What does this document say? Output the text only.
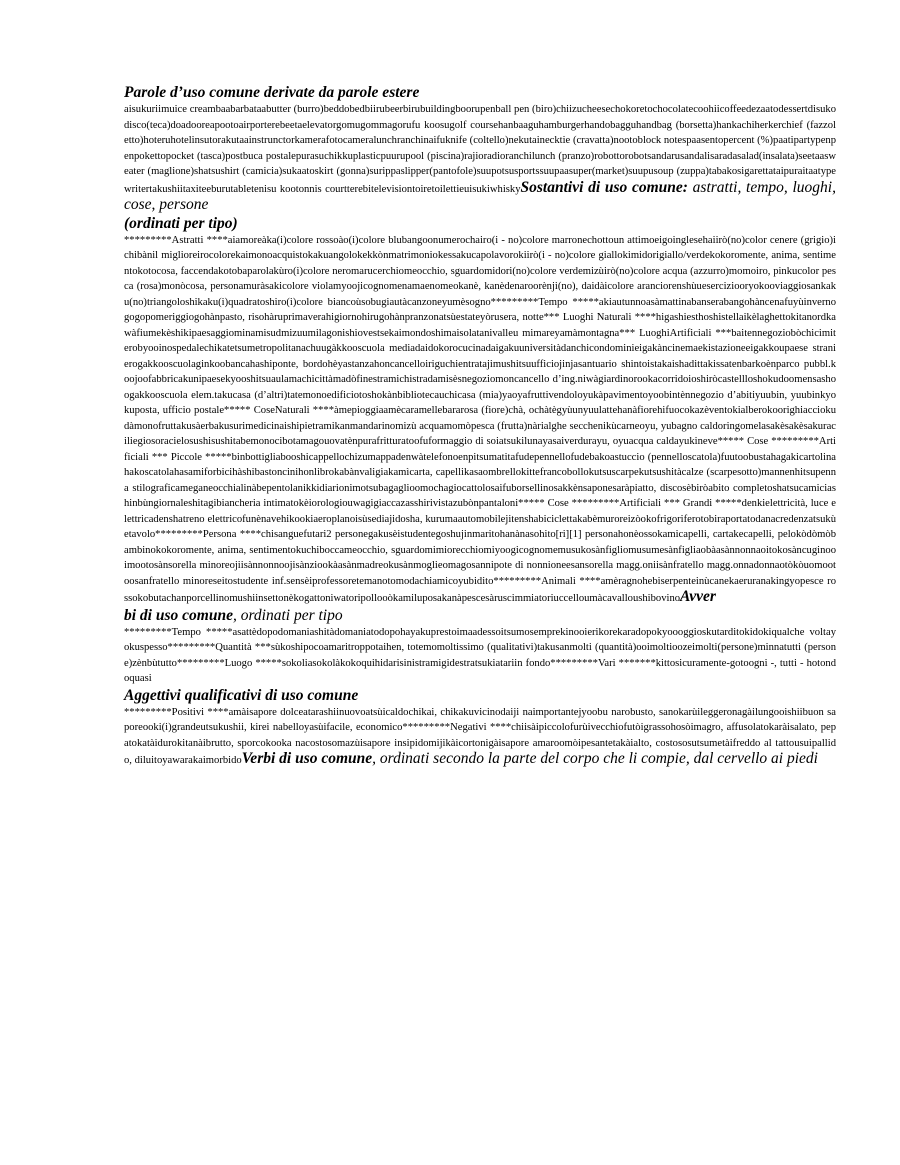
Parole d’uso comune derivate da parole estere

aisukuriimuice creambaabarbataabutter (burro)beddobedbiirubeerbirubuildingboorupenball pen (biro)chiizucheesechokoretochocolatecoohiicoffeedezaatodessertdisukodisco(teca)doadooreapootoairporterebeetaelevatorgomugommagorufu koosugolf coursehanbaaguhamburgerhandobagguhandbag (borsetta)hankachiherkerchief (fazzoletto)hoteruhotelinsutorakutaainstrunctorkamerafotocameralunchranchinaifuknife (coltello)nekutainecktie (cravatta)nootoblock notespaasentopercent (%)paatipartypenpenpokettopocket (tasca)postbuca postalepurasuchikkuplasticpuurupool (piscina)rajioradioranchilunch (pranzo)robottorobotsandarusandalisaradasalad(insalata)seetaasweater (maglione)shatsushirt (camicia)sukaatoskirt (gonna)surippaslipper(pantofole)suupotsusportssuupaasuper(market)suupusoup (zuppa)tabakosigarettataipuraitaatypewritertakushiitaxiteeburutabletenisu kootonnis courtterebitelevisiontoiretoilettieuisukiwhiskySostantivi di uso comune: astratti, tempo, luoghi, cose, persone

(ordinati per tipo)

*********Astratti ****aiamoreàka(i)colore rossoào(i)colore blubangoonumerochairo(i - no)colore marronechottoun attimoeigoinglesehaiirò(no)color cenere (grigio)ichibànil miglioreirocolorekaimonoacquistokakuangolokekkònmatrimoniokessakucapolavorokiirò(i - no)colore giallokimidorigiallo/verdekokoromente, anima, sentimentokotocosa, faccendakotobaparolakùro(i)colore neromarucerchiomeocchio, sguardomidori(no)colore verdemizùirò(no)colore acqua (azzurro)momoiro, pinkucolor pesca (rosa)monòcosa, personamuràsakicolore violamyoojicognomenamaenomeokanè, kanèdenaroorènji(no), daidàicolore aranciorenshùueserciziooryokooviaggiosankaku(no)triangoloshikaku(i)quadratoshiro(i)colore biancoùsobugiautàcanzoneyumèsogno*********Tempo *****akiautunnoasàmattinabanserabangohàncenafuyùinvernogogopomeriggiogohànpasto, risohàruprimaverahigiornohirugohànpranzonatsùestateyòrusera, notte*** Luoghi Naturali ****higashiesthoshistellaikèlaghettokitanordkawàfiumekèshikipaesaggiominamisudmizuumilagonishiovestsekaimondoshimaisolatanivalleu mimareyamàmontagna*** LuoghiArtificiali ***baitennegoziobòchicimiterobyooinospedalechikatetsumetropolitanachuugàkkooscuola mediadaidokorocucinadaigakuuniversitàdanchicondominieigakàncinemaekistazioneeigakkoupaese stranierogakkooscuolaginkoobancahashiponte, bordohèyastanzahoncancelloiriguchientratajimushitsuufficiojinjasantuario shintoistakaishadittakissatenbarkoènparco pubbl.koojoofabbricakunipaesekyooshitsuaulamachicittàmadòfinestramichistradamisèsnegoziomoncancello d’ing.niwàgiardinorookacorridoioshiròcastellloshokudoomensashoogakkooscuola elem.takucasa (d’altri)tatemonoedificiotoshokànbibliotecauchicasa (mia)yaoyafruttivendoloyukàpavimentoyoobintènnegozio d’abitiyuubin, yuubinkyokuposta, ufficio postale***** CoseNaturali ****àmepioggiaamècaramellebararosa (fiore)chà, ochàtègyùunyuulattehanàfiorehifuocokazèventokialberokoorighiacciokudàmonofruttakusàerbakusurimedicinaishipietramikanmandarinomizù acquamomòpesca (frutta)nàrialghe secchenikùcarneoyu, yubagno caldoringomelasakèsakèsakuraciliegiosoracielosushisushitabemonocibotamagouovatènpurafritturatoofuformaggio di soiatsukilunayasaiverdurayu, oyuacqua caldayukineve***** Cose *********Artificiali *** Piccole *****binbottigliabooshicappellochizumappadenwàtelefonoenpitsumatitafudepennellofudebakoastuccio (pennelloscatola)fuutoobustahagakicartolinahakoscatolahasamiforbicihàshibastoncinihonlibrokabànvaligiakamìcarta, capellikasaombrellokittefrancobollokutsuscarpekutsushitàcalze (scarpesotto)mannenhitsupenna stilograficameganeocchialinàbepentolanikkidiarionimotsubagaglioomochagiocattolosaifuborsellinosakkènsaponesaràpiatto, discosèbiròabito completoshatsucamiciashinbùngiornaleshitagibiancheria intimatokèiorologiouwagigiaccazasshirivistazubònpantaloni***** Cose *********Artificiali *** Grandi *****denkielettricità, luce elettricadenshatreno elettricofunènavehikookiaeroplanoisùsediajidosha, kurumaautomobilejitenshabiciclettakabèmuroreizòokofrigoriferotobiraportatodanacredenzatsukùetavolo*********Persona ****chisanguefutari2 personegakusèistudentegoshujinmaritohanànasohito[ri][1] personahonèossokamicapelli, cartakecapelli, pelokòdòmòbambinokokoromente, anima, sentimentokuchiboccameocchio, sguardomimiorecchiomiyoogicognomemusukosànfigliomusumesànfigliaobàasànnonnaoitokosàncuginooimootosànsorella minoreojiisànnonnoojisànziookàasànmadreokusànmoglieomagosannipote di nonnioneesansorella magg.oniisànfratello magg.onnadonnaotòkòuomootoosanfratello minoreseitostudente inf.sensèiprofessoretemanotomodachiamicoyubidito*********Animali ****amèragnohebiserpenteinùcanekaeruranakingyopesce rossokobutachanporcellinomushiinsettonèkogattoniwatoripollooòkamiluposakanàpescesàruscimmiatoriuccelloumàcavalloushibovinoAvver

bi di uso comune, ordinati per tipo

*********Tempo *****asattèdopodomaniashitàdomaniatodopohayakuprestoimaadessoitsumosemprekinooierikorekaradopokyoooggioskutarditokidokiqualche voltayokuspesso*********Quantità ***sùkoshipocoamaritroppotaihen, totemomoltissimo (qualitativi)takusanmolti (quantità)ooimoltioozeimolti(persone)minnatutti (persone)zènbùtutto*********Luogo *****sokoliasokolàkokoquihidarisinistramigidestratsukiatariin fondo*********Vari *******kittosicuramente-gotoogni -, tutti - hotondoquasi

Aggettivi qualificativi di uso comune

*********Positivi ****amàisapore dolceatarashiinuovoatsùicaldochikai, chikakuvicinodaiji naimportantejyoobu narobusto, sanokarùileggeronagàilungooishiibuon saporeooki(i)grandeutsukushii, kirei nabelloyasùifacile, economico*********Negativi ****chiisàipiccolofurùivecchiofutòigrassohosòimagro, affusolatokaràisalato, pepatokatàidurokitanàibrutto, sporcokooka nacostosomazùisapore insipidomijikàicortonigàisapore amaroomòipesantetakàialto, costososutsumetàifreddo al tattousuipallido, diluitoyawarakaimorbidoVerbi di uso comune, ordinati secondo la parte del corpo che li compie, dal cervello ai piedi
